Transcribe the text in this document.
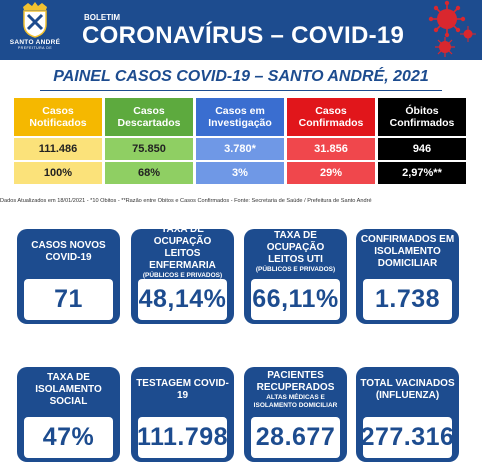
SANTO ANDRÉ
PREFEITURA DE
BOLETIM
CORONAVÍRUS – COVID-19
PAINEL CASOS COVID-19 – SANTO ANDRÉ, 2021
Casos Notificados
111.486
100%
Casos Descartados
75.850
68%
Casos em Investigação
3.780*
3%
Casos Confirmados
31.856
29%
Óbitos Confirmados
946
2,97%**
Dados Atualizados em 18/01/2021 - *10 Óbitos - **Razão entre Óbitos e Casos Confirmados - Fonte: Secretaria de Saúde / Prefeitura de Santo André
CASOS NOVOS COVID-19
71
TAXA DE OCUPAÇÃO LEITOS ENFERMARIA
(PÚBLICOS E PRIVADOS)
48,14%
TAXA DE OCUPAÇÃO LEITOS UTI
(PÚBLICOS E PRIVADOS)
66,11%
CONFIRMADOS EM ISOLAMENTO DOMICILIAR
1.738
TAXA DE ISOLAMENTO SOCIAL
47%
TESTAGEM COVID-19
111.798
PACIENTES RECUPERADOS
ALTAS MÉDICAS E ISOLAMENTO DOMICILIAR
28.677
TOTAL VACINADOS (INFLUENZA)
277.316
